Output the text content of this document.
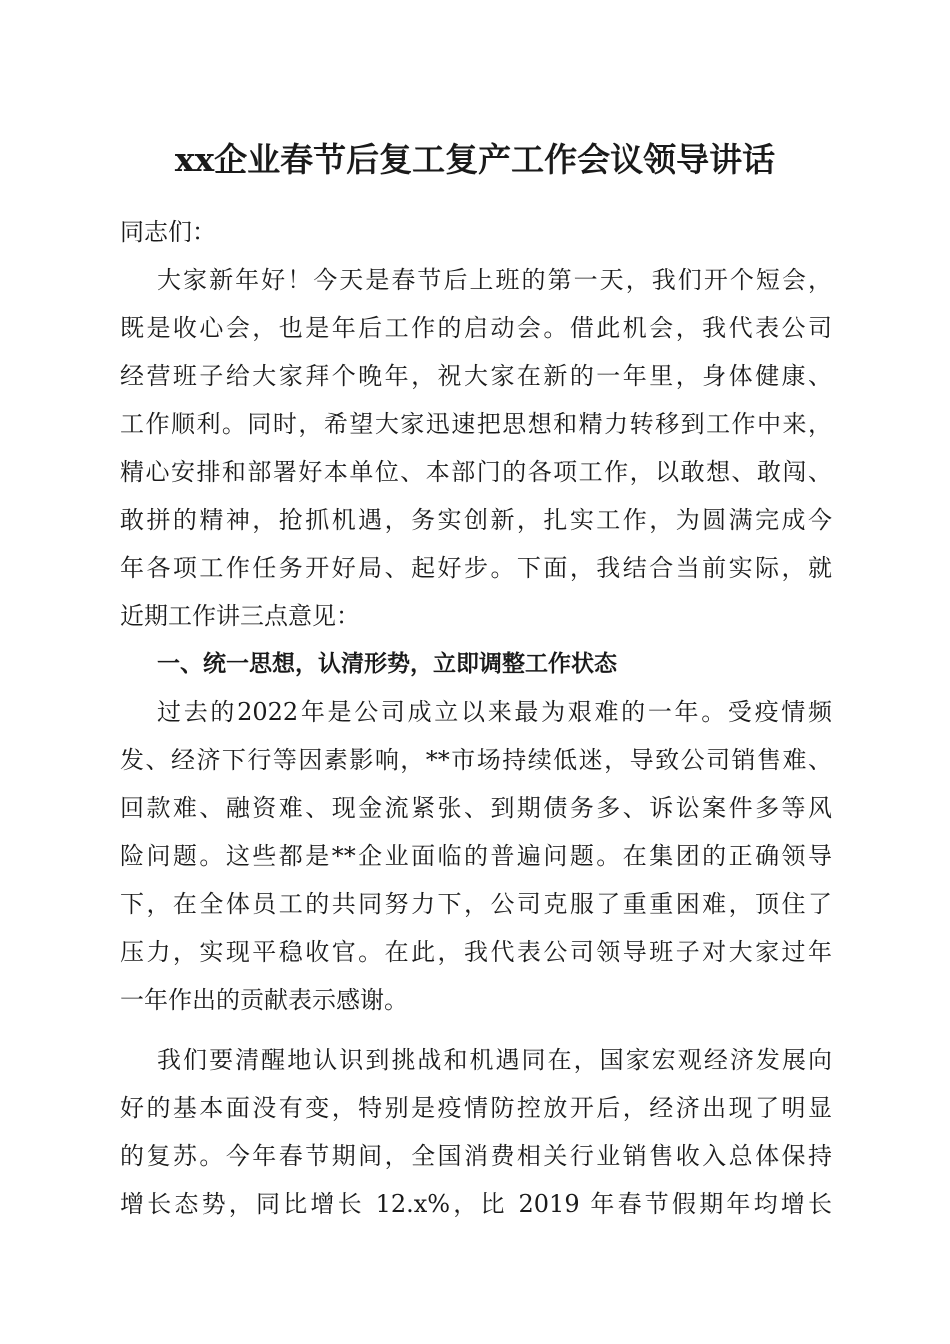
xx企业春节后复工复产工作会议领导讲话
同志们：
大家新年好！今天是春节后上班的第一天，我们开个短会，
既是收心会，也是年后工作的启动会。借此机会，我代表公司
经营班子给大家拜个晚年，祝大家在新的一年里，身体健康、
工作顺利。同时，希望大家迅速把思想和精力转移到工作中来，
精心安排和部署好本单位、本部门的各项工作，以敢想、敢闯、
敢拼的精神，抢抓机遇，务实创新，扎实工作，为圆满完成今
年各项工作任务开好局、起好步。下面，我结合当前实际，就
近期工作讲三点意见：
一、统一思想，认清形势，立即调整工作状态
过去的2022年是公司成立以来最为艰难的一年。受疫情频
发、经济下行等因素影响，**市场持续低迷，导致公司销售难、
回款难、融资难、现金流紧张、到期债务多、诉讼案件多等风
险问题。这些都是**企业面临的普遍问题。在集团的正确领导
下，在全体员工的共同努力下，公司克服了重重困难，顶住了
压力，实现平稳收官。在此，我代表公司领导班子对大家过年
一年作出的贡献表示感谢。
我们要清醒地认识到挑战和机遇同在，国家宏观经济发展向
好的基本面没有变，特别是疫情防控放开后，经济出现了明显
的复苏。今年春节期间，全国消费相关行业销售收入总体保持
增长态势，同比增长 12.x%，比 2019 年春节假期年均增长
